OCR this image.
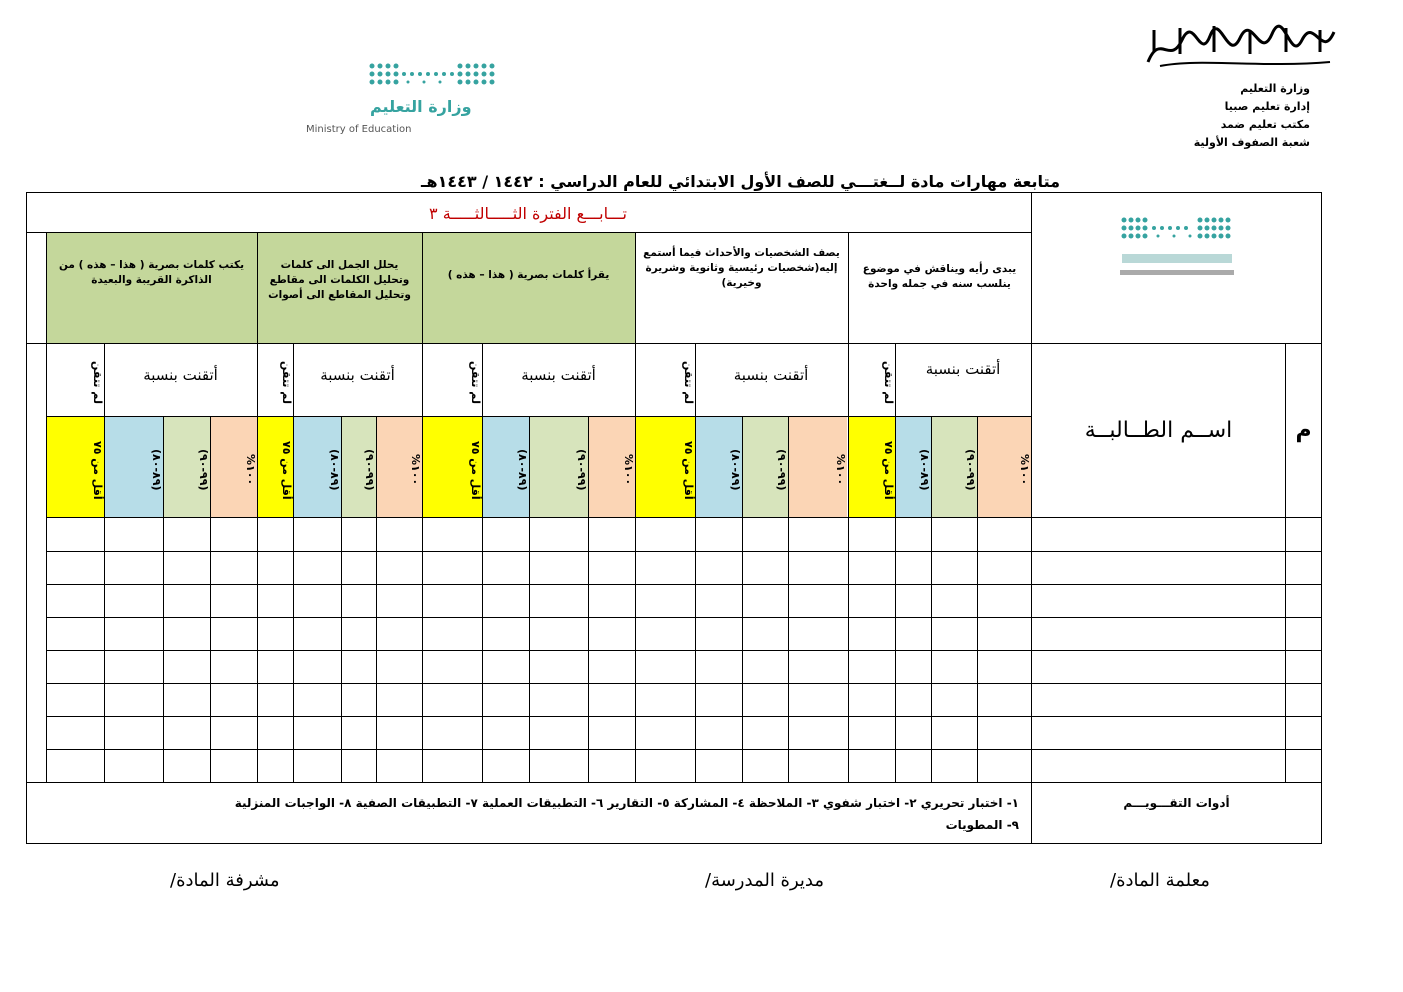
وزارة التعليم
إدارة تعليم صبيا
مكتب تعليم ضمد
شعبة الصفوف الأولية
وزارة التعليم
Ministry of Education
متابعة مهارات مادة لــغتـــي للصف الأول الابتدائي للعام الدراسي : ١٤٤٢ / ١٤٤٣هـ
١٠٠%
(٩٩-٩٠)
(٨٩-٨٠)
أقل من ٧٥
١٠٠%
(٩٩-٩٠)
(٨٩-٨٠)
أقل من ٧٥
١٠٠%
(٩٩-٩٠)
(٨٩-٨٠)
أقل من ٧٥
١٠٠%
(٩٩-٩٠)
(٨٩-٨٠)
أقل من ٧٥
١٠٠%
(٩٩-٩٠)
(٨٩-٨٠)
أقل من ٧٥
تـــابـــع الفترة الثـــــالثـــــة ٣
يبدى رأيه ويناقش في موضوع ينلسب سنه في جمله واحدة
يصف الشخصيات والأحداث فيما أستمع إليه(شخصيات رئيسية وثانوية وشريرة وخيرية)
يقرأ كلمات بصرية ( هذا – هذه )
يحلل الجمل الى كلمات وتحليل الكلمات الى مقاطع وتحليل المقاطع الى أصوات
يكتب كلمات بصرية ( هذا – هذه ) من الذاكرة القريبة والبعيدة
أتقنت بنسبة
أتقنت بنسبة
أتقنت بنسبة
أتقنت بنسبة
أتقنت بنسبة	لم تتقن
لم تتقن
لم تتقن
لم تتقن
لم تتقن
اســم الطــالبــة	م
أدوات التقـــويـــم
١- اختبار تحريري ٢- اختبار شفوي ٣- الملاحظة ٤- المشاركة ٥- التقارير ٦- التطبيقات العملية ٧- التطبيقات الصفية ٨- الواجبات المنزلية
٩- المطويات
معلمة المادة/
مديرة المدرسة/
مشرفة المادة/
